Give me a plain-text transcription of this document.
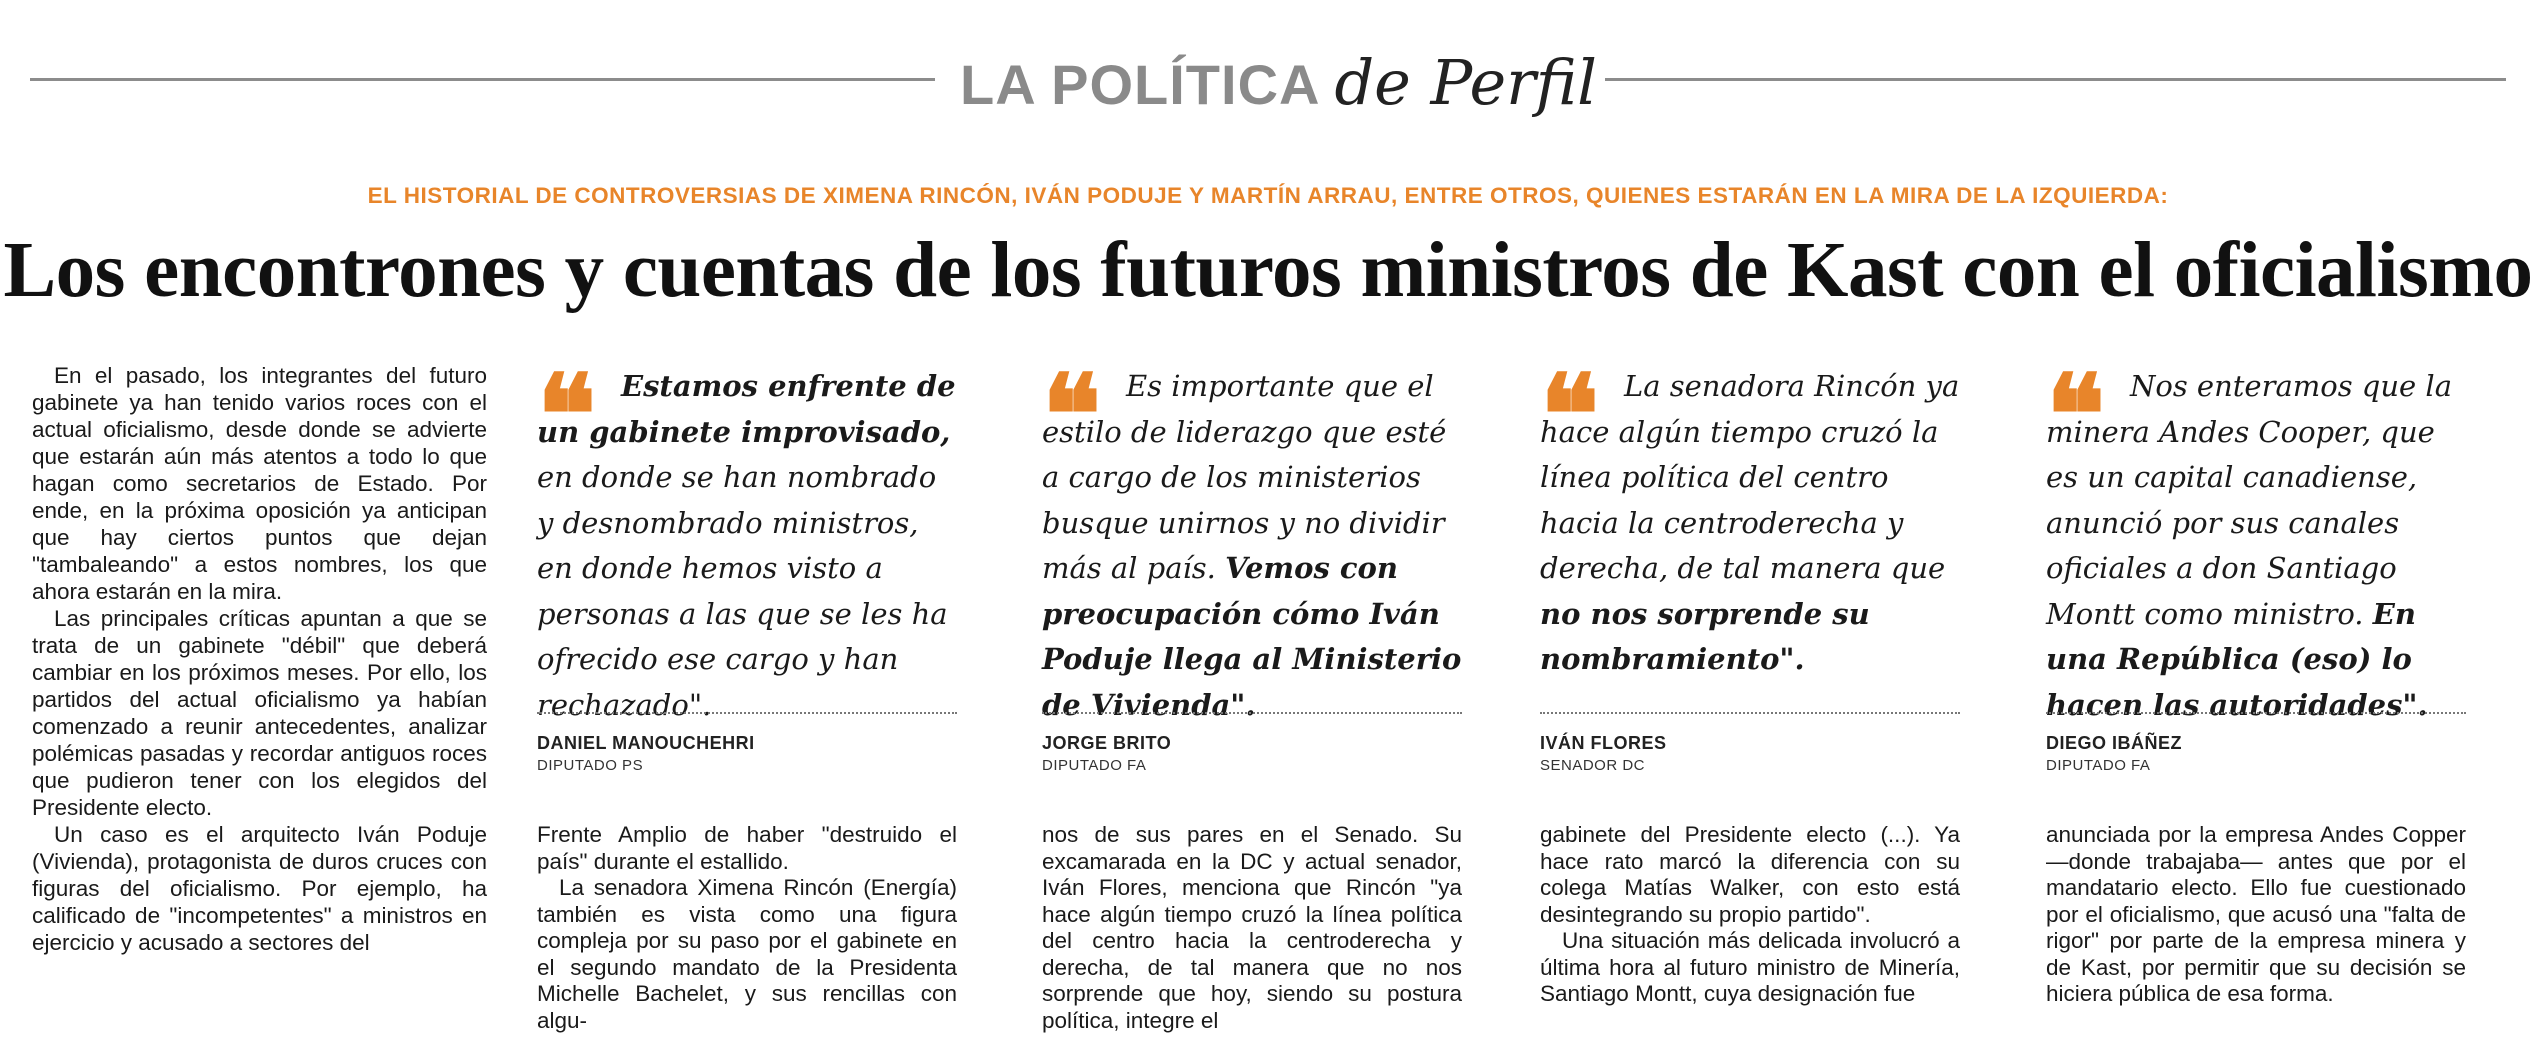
LA POLÍTICA de Perfil
EL HISTORIAL DE CONTROVERSIAS DE XIMENA RINCÓN, IVÁN PODUJE Y MARTÍN ARRAU, ENTRE OTROS, QUIENES ESTARÁN EN LA MIRA DE LA IZQUIERDA:
Los encontrones y cuentas de los futuros ministros de Kast con el oficialismo

En el pasado, los integrantes del futuro gabinete ya han tenido varios roces con el actual oficialismo, desde donde se advierte que estarán aún más atentos a todo lo que hagan como secretarios de Estado. Por ende, en la próxima oposición ya anticipan que hay ciertos puntos que dejan "tambaleando" a estos nombres, los que ahora estarán en la mira.

Las principales críticas apuntan a que se trata de un gabinete "débil" que deberá cambiar en los próximos meses. Por ello, los partidos del actual oficialismo ya habían comenzado a reunir antecedentes, analizar polémicas pasadas y recordar antiguos roces que pudieron tener con los elegidos del Presidente electo.

Un caso es el arquitecto Iván Poduje (Vivienda), protagonista de duros cruces con figuras del oficialismo. Por ejemplo, ha calificado de "incompetentes" a ministros en ejercicio y acusado a sectores del

❝ Estamos enfrente de un gabinete improvisado, en donde se han nombrado y desnombrado ministros, en donde hemos visto a personas a las que se les ha ofrecido ese cargo y han rechazado".
DANIEL MANOUCHEHRI
DIPUTADO PS
❝ Es importante que el estilo de liderazgo que esté a cargo de los ministerios busque unirnos y no dividir más al país. Vemos con preocupación cómo Iván Poduje llega al Ministerio de Vivienda".
JORGE BRITO
DIPUTADO FA
❝ La senadora Rincón ya hace algún tiempo cruzó la línea política del centro hacia la centroderecha y derecha, de tal manera que no nos sorprende su nombramiento".
IVÁN FLORES
SENADOR DC
❝ Nos enteramos que la minera Andes Cooper, que es un capital canadiense, anunció por sus canales oficiales a don Santiago Montt como ministro. En una República (eso) lo hacen las autoridades".
DIEGO IBÁÑEZ
DIPUTADO FA

Frente Amplio de haber "destruido el país" durante el estallido.

La senadora Ximena Rincón (Energía) también es vista como una figura compleja por su paso por el gabinete en el segundo mandato de la Presidenta Michelle Bachelet, y sus rencillas con algu-

nos de sus pares en el Senado. Su excamarada en la DC y actual senador, Iván Flores, menciona que Rincón "ya hace algún tiempo cruzó la línea política del centro hacia la centroderecha y derecha, de tal manera que no nos sorprende que hoy, siendo su postura política, integre el

gabinete del Presidente electo (...). Ya hace rato marcó la diferencia con su colega Matías Walker, con esto está desintegrando su propio partido".

Una situación más delicada involucró a última hora al futuro ministro de Minería, Santiago Montt, cuya designación fue

anunciada por la empresa Andes Copper —donde trabajaba— antes que por el mandatario electo. Ello fue cuestionado por el oficialismo, que acusó una "falta de rigor" por parte de la empresa minera y de Kast, por permitir que su decisión se hiciera pública de esa forma.
